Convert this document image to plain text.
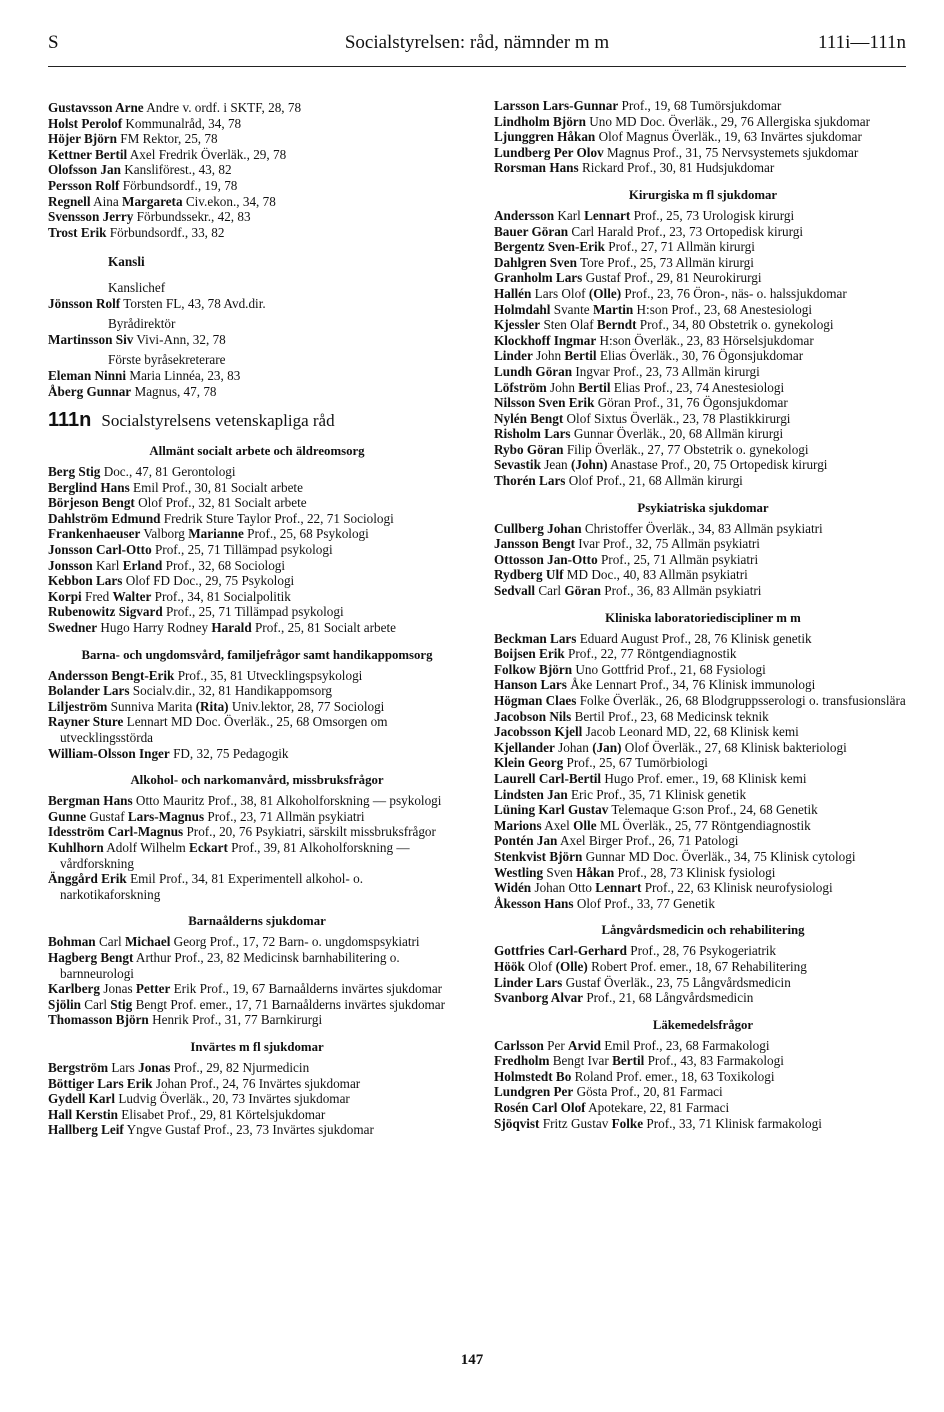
S	Socialstyrelsen: råd, nämnder m m	111i—111n
Gustavsson Arne Andre v. ordf. i SKTF, 28, 78
Holst Perolof Kommunalråd, 34, 78
Höjer Björn FM Rektor, 25, 78
Kettner Bertil Axel Fredrik Överläk., 29, 78
Olofsson Jan Kansliförest., 43, 82
Persson Rolf Förbundsordf., 19, 78
Regnell Aina Margareta Civ.ekon., 34, 78
Svensson Jerry Förbundssekr., 42, 83
Trost Erik Förbundsordf., 33, 82
Kansli
Kanslichef
Jönsson Rolf Torsten FL, 43, 78 Avd.dir.
Byrådirektör
Martinsson Siv Vivi-Ann, 32, 78
Förste byråsekreterare
Eleman Ninni Maria Linnéa, 23, 83
Åberg Gunnar Magnus, 47, 78
111n Socialstyrelsens vetenskapliga råd
Allmänt socialt arbete och äldreomsorg
Berg Stig Doc., 47, 81 Gerontologi
Berglind Hans Emil Prof., 30, 81 Socialt arbete
Börjeson Bengt Olof Prof., 32, 81 Socialt arbete
Dahlström Edmund Fredrik Sture Taylor Prof., 22, 71 Sociologi
Frankenhaeuser Valborg Marianne Prof., 25, 68 Psykologi
Jonsson Carl-Otto Prof., 25, 71 Tillämpad psykologi
Jonsson Karl Erland Prof., 32, 68 Sociologi
Kebbon Lars Olof FD Doc., 29, 75 Psykologi
Korpi Fred Walter Prof., 34, 81 Socialpolitik
Rubenowitz Sigvard Prof., 25, 71 Tillämpad psykologi
Swedner Hugo Harry Rodney Harald Prof., 25, 81 Socialt arbete
Barna- och ungdomsvård, familjefrågor samt handikappomsorg
Andersson Bengt-Erik Prof., 35, 81 Utvecklingspsykologi
Bolander Lars Socialv.dir., 32, 81 Handikappomsorg
Liljeström Sunniva Marita (Rita) Univ.lektor, 28, 77 Sociologi
Rayner Sture Lennart MD Doc. Överläk., 25, 68 Omsorgen om utvecklingsstörda
William-Olsson Inger FD, 32, 75 Pedagogik
Alkohol- och narkomanvård, missbruksfrågor
Bergman Hans Otto Mauritz Prof., 38, 81 Alkoholforskning — psykologi
Gunne Gustaf Lars-Magnus Prof., 23, 71 Allmän psykiatri
Idesström Carl-Magnus Prof., 20, 76 Psykiatri, särskilt missbruksfrågor
Kuhlhorn Adolf Wilhelm Eckart Prof., 39, 81 Alkoholforskning — vårdforskning
Änggård Erik Emil Prof., 34, 81 Experimentell alkohol- o. narkotikaforskning
Barnaålderns sjukdomar
Bohman Carl Michael Georg Prof., 17, 72 Barn- o. ungdomspsykiatri
Hagberg Bengt Arthur Prof., 23, 82 Medicinsk barnhabilitering o. barnneurologi
Karlberg Jonas Petter Erik Prof., 19, 67 Barnaålderns invärtes sjukdomar
Sjölin Carl Stig Bengt Prof. emer., 17, 71 Barnaålderns invärtes sjukdomar
Thomasson Björn Henrik Prof., 31, 77 Barnkirurgi
Invärtes m fl sjukdomar
Bergström Lars Jonas Prof., 29, 82 Njurmedicin
Böttiger Lars Erik Johan Prof., 24, 76 Invärtes sjukdomar
Gydell Karl Ludvig Överläk., 20, 73 Invärtes sjukdomar
Hall Kerstin Elisabet Prof., 29, 81 Körtelsjukdomar
Hallberg Leif Yngve Gustaf Prof., 23, 73 Invärtes sjukdomar
Larsson Lars-Gunnar Prof., 19, 68 Tumörsjukdomar
Lindholm Björn Uno MD Doc. Överläk., 29, 76 Allergiska sjukdomar
Ljunggren Håkan Olof Magnus Överläk., 19, 63 Invärtes sjukdomar
Lundberg Per Olov Magnus Prof., 31, 75 Nervsystemets sjukdomar
Rorsman Hans Rickard Prof., 30, 81 Hudsjukdomar
Kirurgiska m fl sjukdomar
Andersson Karl Lennart Prof., 25, 73 Urologisk kirurgi
Bauer Göran Carl Harald Prof., 23, 73 Ortopedisk kirurgi
Bergentz Sven-Erik Prof., 27, 71 Allmän kirurgi
Dahlgren Sven Tore Prof., 25, 73 Allmän kirurgi
Granholm Lars Gustaf Prof., 29, 81 Neurokirurgi
Hallén Lars Olof (Olle) Prof., 23, 76 Öron-, näs- o. halssjukdomar
Holmdahl Svante Martin H:son Prof., 23, 68 Anestesiologi
Kjessler Sten Olaf Berndt Prof., 34, 80 Obstetrik o. gynekologi
Klockhoff Ingmar H:son Överläk., 23, 83 Hörselsjukdomar
Linder John Bertil Elias Överläk., 30, 76 Ögonsjukdomar
Lundh Göran Ingvar Prof., 23, 73 Allmän kirurgi
Löfström John Bertil Elias Prof., 23, 74 Anestesiologi
Nilsson Sven Erik Göran Prof., 31, 76 Ögonsjukdomar
Nylén Bengt Olof Sixtus Överläk., 23, 78 Plastikkirurgi
Risholm Lars Gunnar Överläk., 20, 68 Allmän kirurgi
Rybo Göran Filip Överläk., 27, 77 Obstetrik o. gynekologi
Sevastik Jean (John) Anastase Prof., 20, 75 Ortopedisk kirurgi
Thorén Lars Olof Prof., 21, 68 Allmän kirurgi
Psykiatriska sjukdomar
Cullberg Johan Christoffer Överläk., 34, 83 Allmän psykiatri
Jansson Bengt Ivar Prof., 32, 75 Allmän psykiatri
Ottosson Jan-Otto Prof., 25, 71 Allmän psykiatri
Rydberg Ulf MD Doc., 40, 83 Allmän psykiatri
Sedvall Carl Göran Prof., 36, 83 Allmän psykiatri
Kliniska laboratoriediscipliner m m
Beckman Lars Eduard August Prof., 28, 76 Klinisk genetik
Boijsen Erik Prof., 22, 77 Röntgendiagnostik
Folkow Björn Uno Gottfrid Prof., 21, 68 Fysiologi
Hanson Lars Åke Lennart Prof., 34, 76 Klinisk immunologi
Högman Claes Folke Överläk., 26, 68 Blodgruppsserologi o. transfusionslära
Jacobson Nils Bertil Prof., 23, 68 Medicinsk teknik
Jacobsson Kjell Jacob Leonard MD, 22, 68 Klinisk kemi
Kjellander Johan (Jan) Olof Överläk., 27, 68 Klinisk bakteriologi
Klein Georg Prof., 25, 67 Tumörbiologi
Laurell Carl-Bertil Hugo Prof. emer., 19, 68 Klinisk kemi
Lindsten Jan Eric Prof., 35, 71 Klinisk genetik
Lüning Karl Gustav Telemaque G:son Prof., 24, 68 Genetik
Marions Axel Olle ML Överläk., 25, 77 Röntgendiagnostik
Pontén Jan Axel Birger Prof., 26, 71 Patologi
Stenkvist Björn Gunnar MD Doc. Överläk., 34, 75 Klinisk cytologi
Westling Sven Håkan Prof., 28, 73 Klinisk fysiologi
Widén Johan Otto Lennart Prof., 22, 63 Klinisk neurofysiologi
Åkesson Hans Olof Prof., 33, 77 Genetik
Långvårdsmedicin och rehabilitering
Gottfries Carl-Gerhard Prof., 28, 76 Psykogeriatrik
Höök Olof (Olle) Robert Prof. emer., 18, 67 Rehabilitering
Linder Lars Gustaf Överläk., 23, 75 Långvårdsmedicin
Svanborg Alvar Prof., 21, 68 Långvårdsmedicin
Läkemedelsfrågor
Carlsson Per Arvid Emil Prof., 23, 68 Farmakologi
Fredholm Bengt Ivar Bertil Prof., 43, 83 Farmakologi
Holmstedt Bo Roland Prof. emer., 18, 63 Toxikologi
Lundgren Per Gösta Prof., 20, 81 Farmaci
Rosén Carl Olof Apotekare, 22, 81 Farmaci
Sjöqvist Fritz Gustav Folke Prof., 33, 71 Klinisk farmakologi
147
